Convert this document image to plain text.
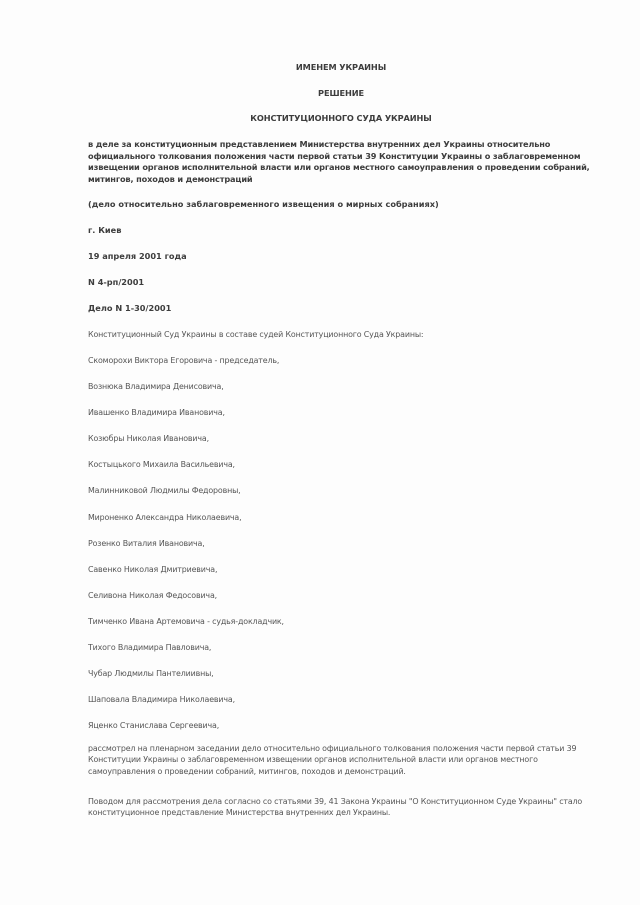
ИМЕНЕМ УКРАИНЫ
РЕШЕНИЕ
КОНСТИТУЦИОННОГО СУДА УКРАИНЫ
в деле за конституционным представлением Министерства внутренних дел Украины относительно официального толкования положения части первой статьи 39 Конституции Украины о заблаговременном извещении органов исполнительной власти или органов местного самоуправления о проведении собраний, митингов, походов и демонстраций
(дело относительно заблаговременного извещения о мирных собраниях)
г. Киев
19 апреля 2001 года
N 4-рп/2001
Дело N 1-30/2001
Конституционный Суд Украины в составе судей Конституционного Суда Украины:
Скоморохи Виктора Егоровича - председатель,
Вознюка Владимира Денисовича,
Ивашенко Владимира Ивановича,
Козюбры Николая Ивановича,
Костыцького Михаила Васильевича,
Малинниковой Людмилы Федоровны,
Мироненко Александра Николаевича,
Розенко Виталия Ивановича,
Савенко Николая Дмитриевича,
Селивона Николая Федосовича,
Тимченко Ивана Артемовича - судья-докладчик,
Тихого Владимира Павловича,
Чубар Людмилы Пантелиивны,
Шаповала Владимира Николаевича,
Яценко Станислава Сергеевича,
рассмотрел на пленарном заседании дело относительно официального толкования положения части первой статьи 39 Конституции Украины о заблаговременном извещении органов исполнительной власти или органов местного самоуправления о проведении собраний, митингов, походов и демонстраций.
Поводом для рассмотрения дела согласно со статьями 39, 41 Закона Украины "О Конституционном Суде Украины" стало конституционное представление Министерства внутренних дел Украины.
